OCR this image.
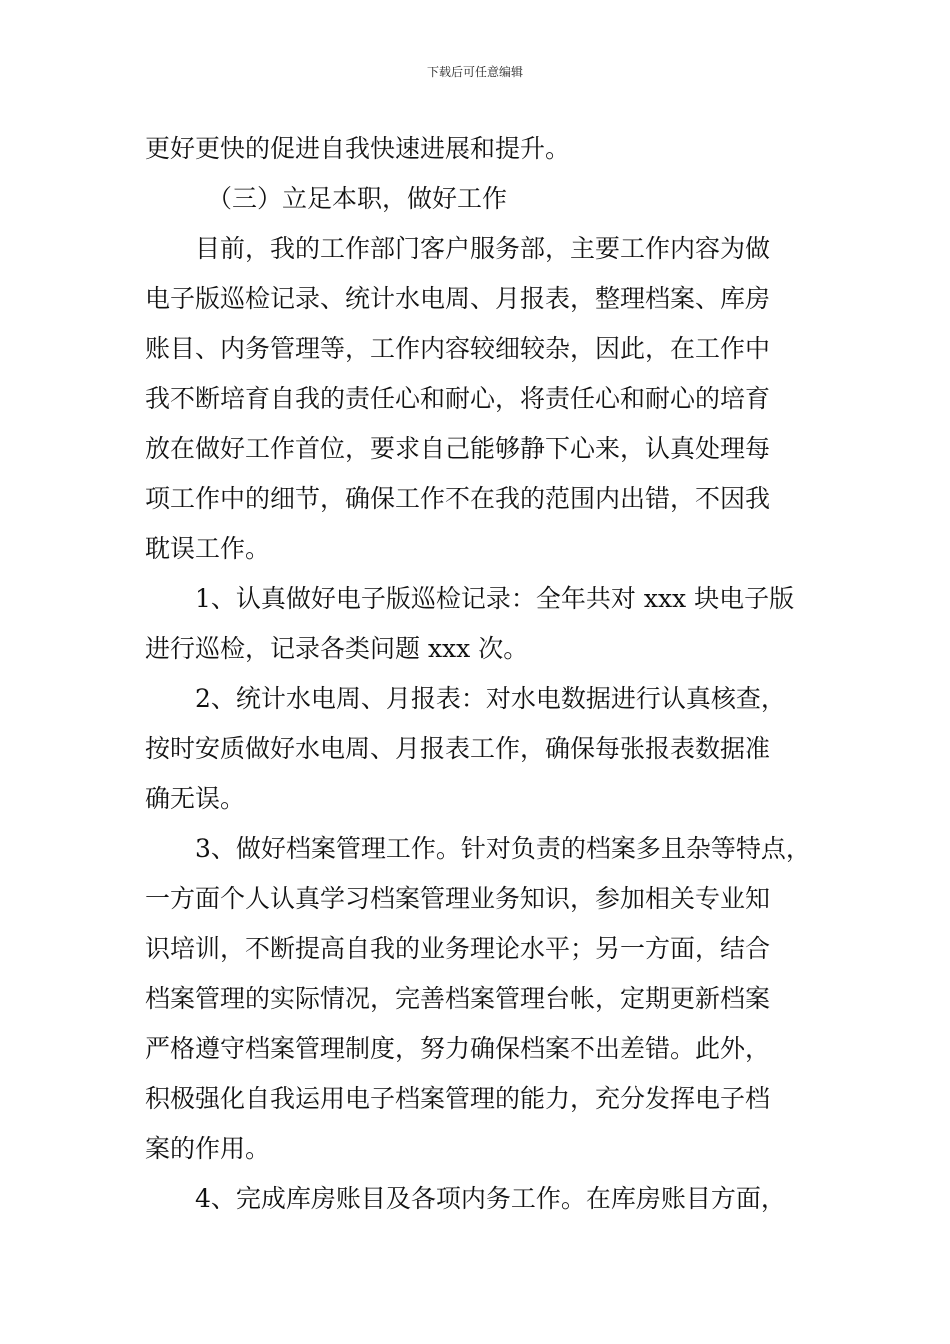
下载后可任意编辑
更好更快的促进自我快速进展和提升。
（三）立足本职，做好工作
目前，我的工作部门客户服务部，主要工作内容为做
电子版巡检记录、统计水电周、月报表，整理档案、库房
账目、内务管理等，工作内容较细较杂，因此，在工作中
我不断培育自我的责任心和耐心，将责任心和耐心的培育
放在做好工作首位，要求自己能够静下心来，认真处理每
项工作中的细节，确保工作不在我的范围内出错，不因我
耽误工作。
1、认真做好电子版巡检记录：全年共对 xxx 块电子版
进行巡检，记录各类问题 xxx 次。
2、统计水电周、月报表：对水电数据进行认真核查，
按时安质做好水电周、月报表工作，确保每张报表数据准
确无误。
3、做好档案管理工作。针对负责的档案多且杂等特点，
一方面个人认真学习档案管理业务知识，参加相关专业知
识培训，不断提高自我的业务理论水平；另一方面，结合
档案管理的实际情况，完善档案管理台帐，定期更新档案
严格遵守档案管理制度，努力确保档案不出差错。此外，
积极强化自我运用电子档案管理的能力，充分发挥电子档
案的作用。
4、完成库房账目及各项内务工作。在库房账目方面，
